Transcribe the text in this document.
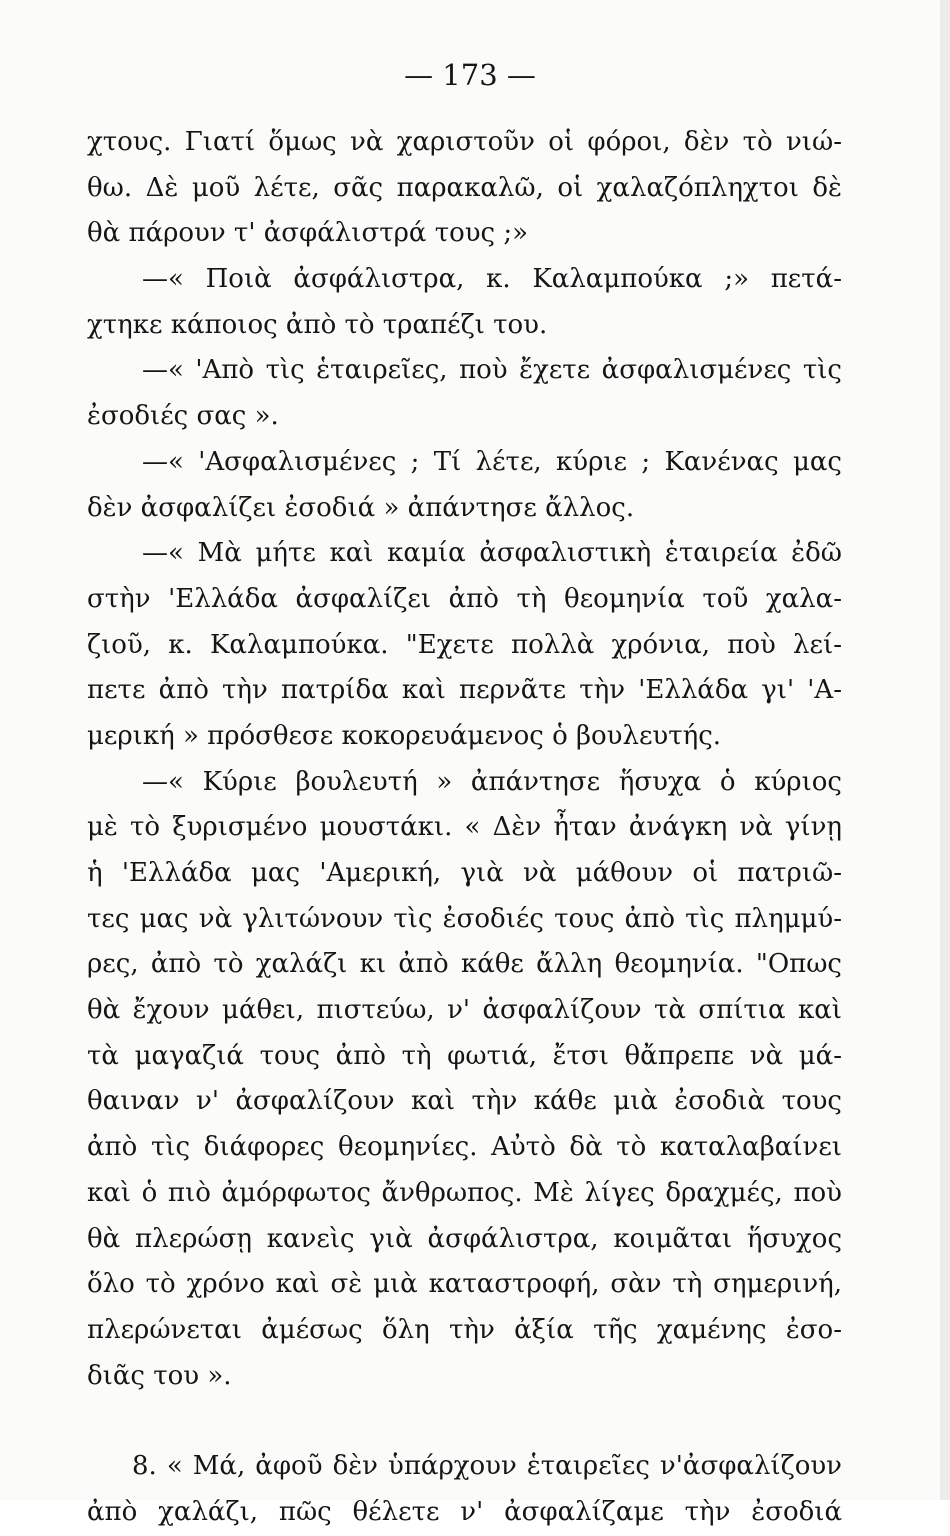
— 173 —
χτους. Γιατί ὅμως νὰ χαριστοῦν οἱ φόροι, δὲν τὸ νιώ-
θω. Δὲ μοῦ λέτε, σᾶς παρακαλῶ, οἱ χαλαζόπληχτοι δὲ
θὰ πάρουν τ' ἀσφάλιστρά τους ;»
—« Ποιὰ ἀσφάλιστρα, κ. Καλαμπούκα ;» πετά-
χτηκε κάποιος ἀπὸ τὸ τραπέζι του.
—« 'Απὸ τὶς ἑταιρεῖες, ποὺ ἔχετε ἀσφαλισμένες τὶς
ἐσοδιές σας ».
—« 'Ασφαλισμένες ; Τί λέτε, κύριε ; Κανένας μας
δὲν ἀσφαλίζει ἐσοδιά » ἀπάντησε ἄλλος.
—« Μὰ μήτε καὶ καμία ἀσφαλιστικὴ ἑταιρεία ἐδῶ
στὴν 'Ελλάδα ἀσφαλίζει ἀπὸ τὴ θεομηνία τοῦ χαλα-
ζιοῦ, κ. Καλαμπούκα. "Εχετε πολλὰ χρόνια, ποὺ λεί-
πετε ἀπὸ τὴν πατρίδα καὶ περνᾶτε τὴν 'Ελλάδα γι' 'Α-
μερική » πρόσθεσε κοκορευάμενος ὁ βουλευτής.
—« Κύριε βουλευτή » ἀπάντησε ἥσυχα ὁ κύριος
μὲ τὸ ξυρισμένο μουστάκι. « Δὲν ἦταν ἀνάγκη νὰ γίνῃ
ἡ 'Ελλάδα μας 'Αμερική, γιὰ νὰ μάθουν οἱ πατριῶ-
τες μας νὰ γλιτώνουν τὶς ἐσοδιές τους ἀπὸ τὶς πλημμύ-
ρες, ἀπὸ τὸ χαλάζι κι ἀπὸ κάθε ἄλλη θεομηνία. "Οπως
θὰ ἔχουν μάθει, πιστεύω, ν' ἀσφαλίζουν τὰ σπίτια καὶ
τὰ μαγαζιά τους ἀπὸ τὴ φωτιά, ἔτσι θἄπρεπε νὰ μά-
θαιναν ν' ἀσφαλίζουν καὶ τὴν κάθε μιὰ ἐσοδιὰ τους
ἀπὸ τὶς διάφορες θεομηνίες. Αὐτὸ δὰ τὸ καταλαβαίνει
καὶ ὁ πιὸ ἀμόρφωτος ἄνθρωπος. Μὲ λίγες δραχμές, ποὺ
θὰ πλερώσῃ κανεὶς γιὰ ἀσφάλιστρα, κοιμᾶται ἥσυχος
ὅλο τὸ χρόνο καὶ σὲ μιὰ καταστροφή, σὰν τὴ σημερινή,
πλερώνεται ἀμέσως ὅλη τὴν ἀξία τῆς χαμένης ἐσο-
διᾶς του ».
8. « Μά, ἀφοῦ δὲν ὑπάρχουν ἑταιρεῖες ν'ἀσφαλίζουν
ἀπὸ χαλάζι, πῶς θέλετε ν' ἀσφαλίζαμε τὴν ἐσοδιά
